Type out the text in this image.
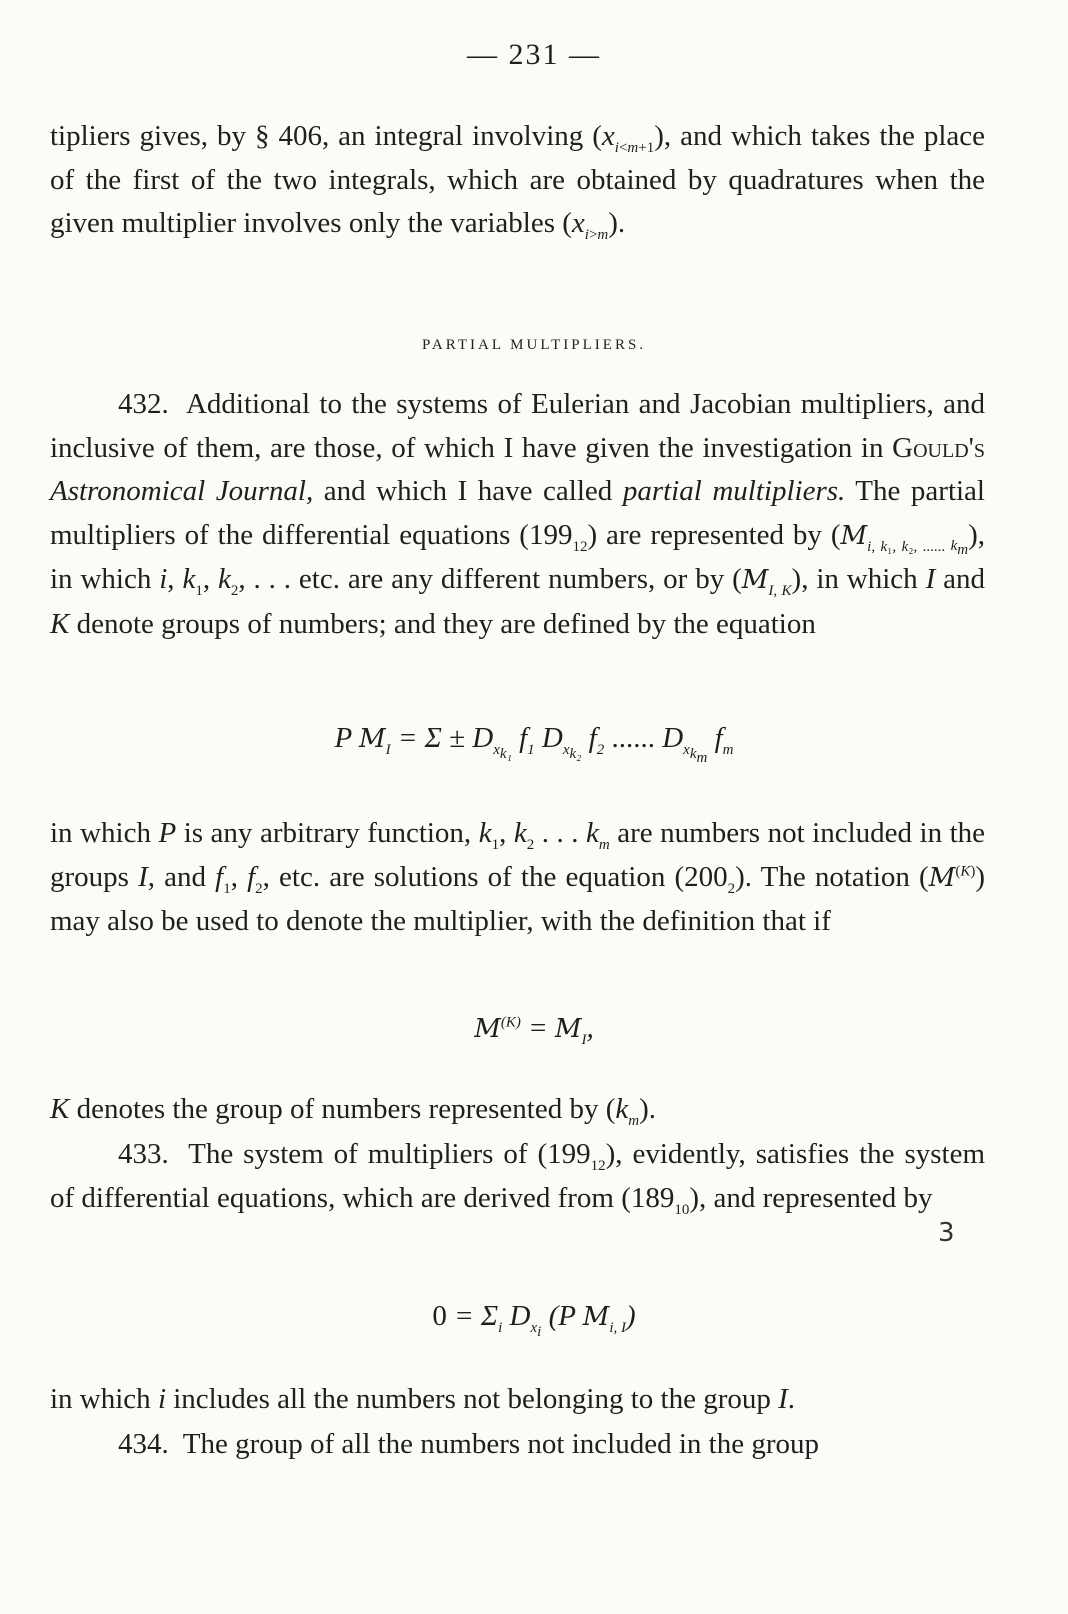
— 231 —

tipliers gives, by § 406, an integral involving $(x_{i<m+1})$, and which takes the place of the first of the two integrals, which are obtained by quadratures when the given multiplier involves only the variables $(x_{i>m})$.

PARTIAL MULTIPLIERS.

432. Additional to the systems of Eulerian and Jacobian multipliers, and inclusive of them, are those, of which I have given the investigation in Gould's Astronomical Journal, and which I have called partial multipliers. The partial multipliers of the differential equations $(199_{12})$ are represented by $(M_{i, k_1, k_2, ...... k_m})$, in which i, $k_1$, $k_2$, . . . etc. are any different numbers, or by $(M_{I, K})$, in which I and K denote groups of numbers; and they are defined by the equation

P $M_I = \Sigma \pm D_{x_{k_1}}$ $f_1$ $D_{x_{k_2}}$ $f_2$ ...... $D_{x_{k_m}}$ $f_m$

in which P is any arbitrary function, $k_1$, $k_2$ . . . $k_m$ are numbers not included in the groups I, and $f_1$, $f_2$, etc. are solutions of the equation $(200_2)$. The notation $(M^{(K)})$ may also be used to denote the multiplier, with the definition that if

$M^{(K)} = M_I$,

K denotes the group of numbers represented by $(k_m)$.

433. The system of multipliers of $(199_{12})$, evidently, satisfies the system of differential equations, which are derived from $(189_{10})$, and represented by

3
$0 = \Sigma_i$ $D_{x_i}$ (P $M_{i, I}$)

in which i includes all the numbers not belonging to the group I.

434. The group of all the numbers not included in the group
